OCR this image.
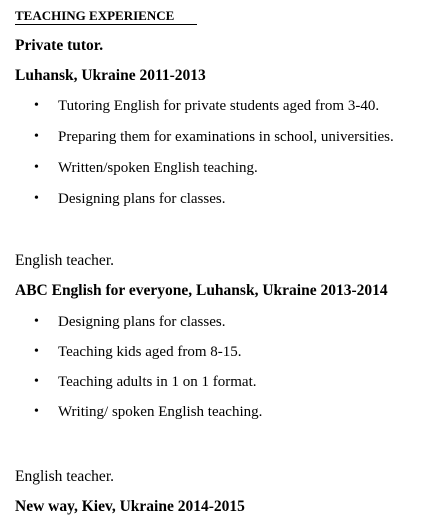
TEACHING EXPERIENCE
Private tutor.
Luhansk, Ukraine 2011-2013
•	Tutoring English for private students aged from 3-40.
•	Preparing them for examinations in school, universities.
•	Written/spoken English teaching.
•	Designing plans for classes.
English teacher.
ABC English for everyone, Luhansk, Ukraine 2013-2014
•	Designing plans for classes.
•	Teaching kids aged from 8-15.
•	Teaching adults in 1 on 1 format.
•	Writing/ spoken English teaching.
English teacher.
New way, Kiev, Ukraine 2014-2015
